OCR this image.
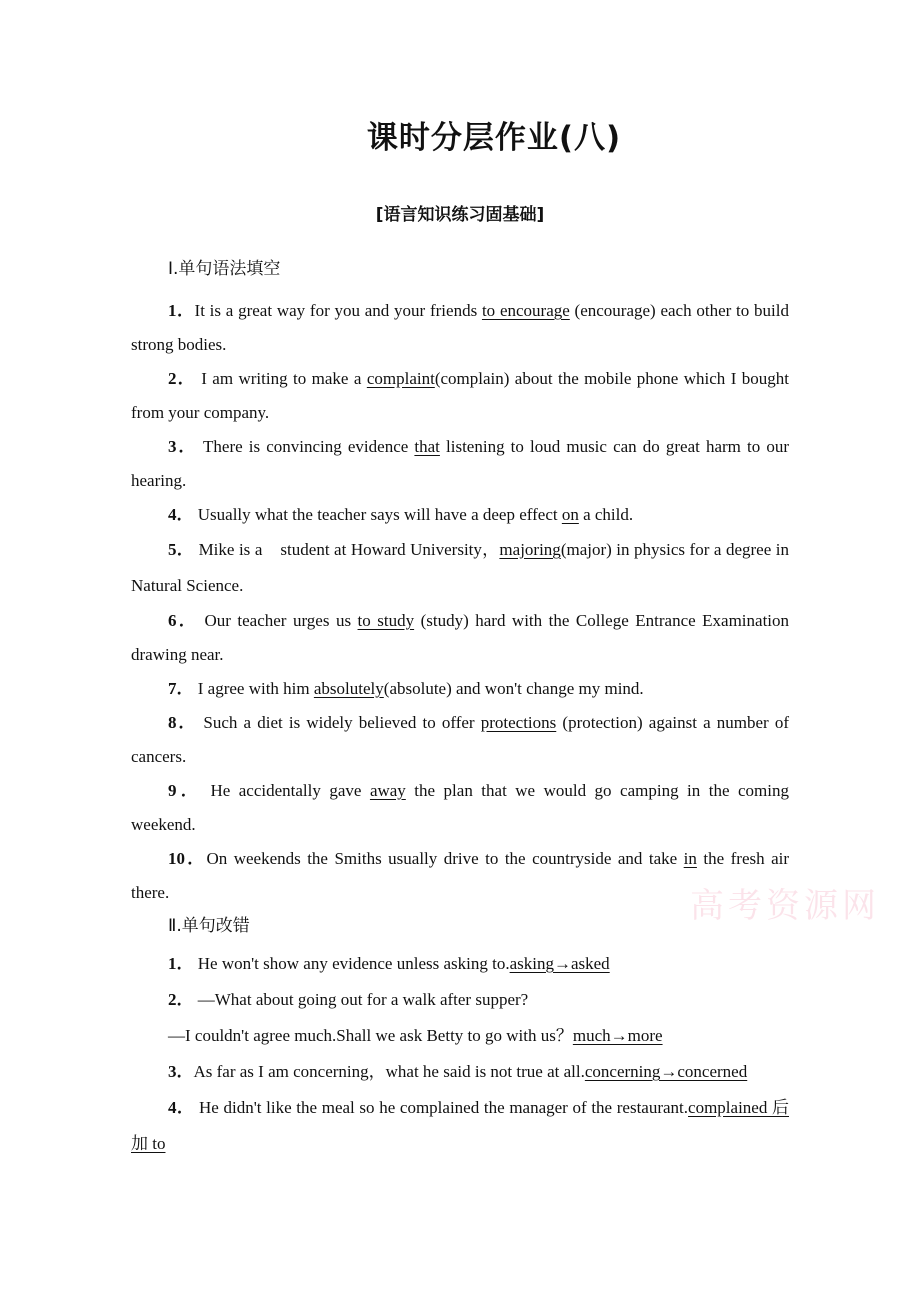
课时分层作业(八)
[语言知识练习固基础]
高考资源网
Ⅰ.单句语法填空

1．It is a great way for you and your friends to encourage (encourage) each other to build strong bodies.

2． I am writing to make a complaint(complain) about the mobile phone which I bought from your company.

3． There is convincing evidence that listening to loud music can do great harm to our hearing.

4． Usually what the teacher says will have a deep effect on a child.

5． Mike is a    student at Howard University，majoring(major) in physics for a degree in Natural Science.

6． Our teacher urges us to study (study) hard with the College Entrance Examination drawing near.

7． I agree with him absolutely(absolute) and won't change my mind.

8． Such a diet is widely believed to offer protections (protection) against a number of cancers.

9． He accidentally gave away the plan that we would go camping in the coming weekend.

10．On weekends the Smiths usually drive to the countryside and take in the fresh air there.

Ⅱ.单句改错

1． He won't show any evidence unless asking to.asking→asked

2． —What about going out for a walk after supper?

—I couldn't agree much.Shall we ask Betty to go with us？much→more

3．As far as I am concerning，what he said is not true at all.concerning→concerned

4． He didn't like the meal so he complained the manager of the restaurant.complained 后加 to
